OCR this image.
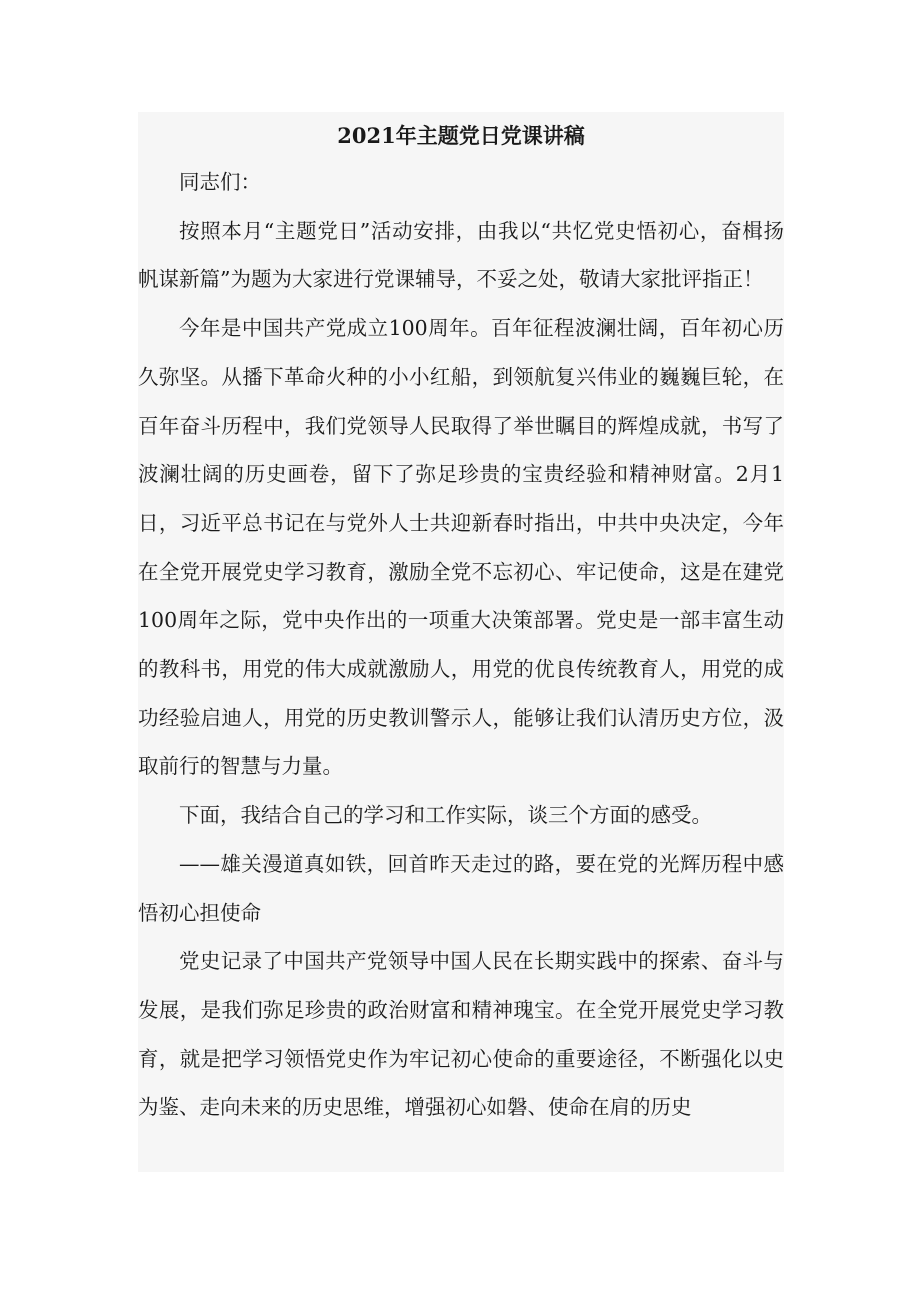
2021年主题党日党课讲稿

同志们：

按照本月“主题党日”活动安排，由我以“共忆党史悟初心，奋楫扬帆谋新篇”为题为大家进行党课辅导，不妥之处，敬请大家批评指正！

今年是中国共产党成立100周年。百年征程波澜壮阔，百年初心历久弥坚。从播下革命火种的小小红船，到领航复兴伟业的巍巍巨轮，在百年奋斗历程中，我们党领导人民取得了举世瞩目的辉煌成就，书写了波澜壮阔的历史画卷，留下了弥足珍贵的宝贵经验和精神财富。2月1日，习近平总书记在与党外人士共迎新春时指出，中共中央决定，今年在全党开展党史学习教育，激励全党不忘初心、牢记使命，这是在建党100周年之际，党中央作出的一项重大决策部署。党史是一部丰富生动的教科书，用党的伟大成就激励人，用党的优良传统教育人，用党的成功经验启迪人，用党的历史教训警示人，能够让我们认清历史方位，汲取前行的智慧与力量。

下面，我结合自己的学习和工作实际，谈三个方面的感受。

——雄关漫道真如铁，回首昨天走过的路，要在党的光辉历程中感悟初心担使命

党史记录了中国共产党领导中国人民在长期实践中的探索、奋斗与发展，是我们弥足珍贵的政治财富和精神瑰宝。在全党开展党史学习教育，就是把学习领悟党史作为牢记初心使命的重要途径，不断强化以史为鉴、走向未来的历史思维，增强初心如磐、使命在肩的历史
